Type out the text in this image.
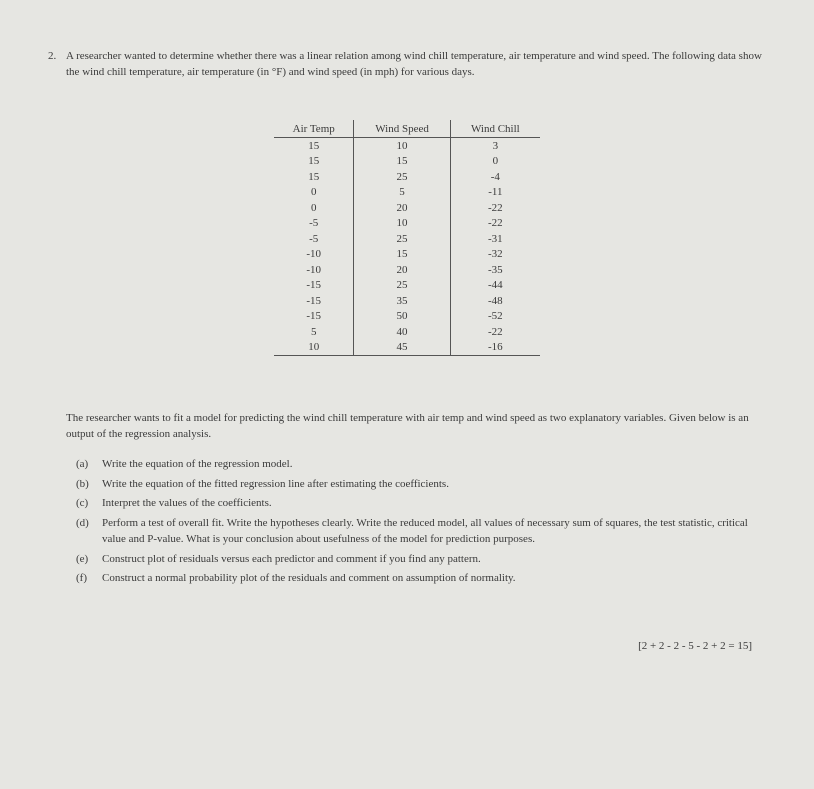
2. A researcher wanted to determine whether there was a linear relation among wind chill temperature, air temperature and wind speed. The following data show the wind chill temperature, air temperature (in °F) and wind speed (in mph) for various days.
Air Temp	Wind Speed	Wind Chill
15	10	3
15	15	0
15	25	-4
0	5	-11
0	20	-22
-5	10	-22
-5	25	-31
-10	15	-32
-10	20	-35
-15	25	-44
-15	35	-48
-15	50	-52
5	40	-22
10	45	-16
The researcher wants to fit a model for predicting the wind chill temperature with air temp and wind speed as two explanatory variables. Given below is an output of the regression analysis.
(a)	Write the equation of the regression model.
(b)	Write the equation of the fitted regression line after estimating the coefficients.
(c)	Interpret the values of the coefficients.
(d)	Perform a test of overall fit. Write the hypotheses clearly. Write the reduced model, all values of necessary sum of squares, the test statistic, critical value and P-value. What is your conclusion about usefulness of the model for prediction purposes.
(e)	Construct plot of residuals versus each predictor and comment if you find any pattern.
(f)	Construct a normal probability plot of the residuals and comment on assumption of normality.
[2 + 2 - 2 - 5 - 2 + 2 = 15]
